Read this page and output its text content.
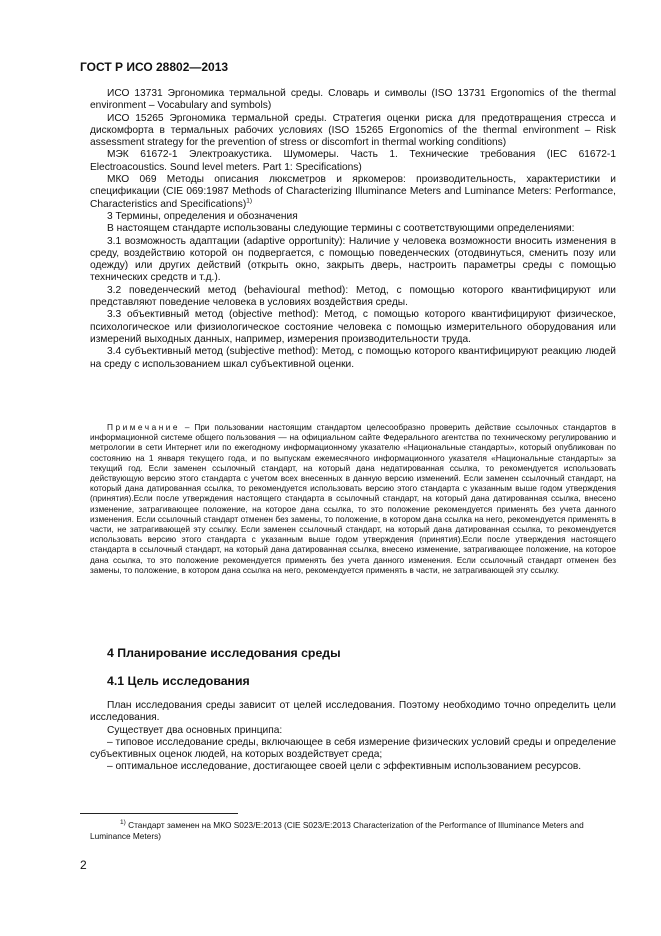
ГОСТ Р ИСО 28802—2013

ИСО 13731 Эргономика термальной среды. Словарь и символы (ISO 13731 Ergonomics of the thermal environment – Vocabulary and symbols)

ИСО 15265 Эргономика термальной среды. Стратегия оценки риска для предотвращения стресса и дискомфорта в термальных рабочих условиях (ISO 15265 Ergonomics of the thermal environment – Risk assessment strategy for the prevention of stress or discomfort in thermal working conditions)

МЭК 61672-1 Электроакустика. Шумомеры. Часть 1. Технические требования (IEC 61672-1 Electroacoustics. Sound level meters. Part 1: Specifications)

МКО 069 Методы описания люксметров и яркомеров: производительность, характеристики и спецификации (CIE 069:1987 Methods of Characterizing Illuminance Meters and Luminance Meters: Performance, Characteristics and Specifications)$^{1)}$

3 Термины, определения и обозначения

В настоящем стандарте использованы следующие термины с соответствующими определениями:

3.1 возможность адаптации (adaptive opportunity): Наличие у человека возможности вносить изменения в среду, воздействию которой он подвергается, с помощью поведенческих (отодвинуться, сменить позу или одежду) или других действий (открыть окно, закрыть дверь, настроить параметры среды с помощью технических средств и т.д.).

3.2 поведенческий метод (behavioural method): Метод, с помощью которого квантифицируют или представляют поведение человека в условиях воздействия среды.

3.3 объективный метод (objective method): Метод, с помощью которого квантифицируют физическое, психологическое или физиологическое состояние человека с помощью измерительного оборудования или измерений выходных данных, например, измерения производительности труда.

3.4 субъективный метод (subjective method): Метод, с помощью которого квантифицируют реакцию людей на среду с использованием шкал субъективной оценки.

Примечание – При пользовании настоящим стандартом целесообразно проверить действие ссылочных стандартов в информационной системе общего пользования — на официальном сайте Федерального агентства по техническому регулированию и метрологии в сети Интернет или по ежегодному информационному указателю «Национальные стандарты», который опубликован по состоянию на 1 января текущего года, и по выпускам ежемесячного информационного указателя «Национальные стандарты» за текущий год. Если заменен ссылочный стандарт, на который дана недатированная ссылка, то рекомендуется использовать действующую версию этого стандарта с учетом всех внесенных в данную версию изменений. Если заменен ссылочный стандарт, на который дана датированная ссылка, то рекомендуется использовать версию этого стандарта с указанным выше годом утверждения (принятия).Если после утверждения настоящего стандарта в ссылочный стандарт, на который дана датированная ссылка, внесено изменение, затрагивающее положение, на которое дана ссылка, то это положение рекомендуется применять без учета данного изменения. Если ссылочный стандарт отменен без замены, то положение, в котором дана ссылка на него, рекомендуется применять в части, не затрагивающей эту ссылку. Если заменен ссылочный стандарт, на который дана датированная ссылка, то рекомендуется использовать версию этого стандарта с указанным выше годом утверждения (принятия).Если после утверждения настоящего стандарта в ссылочный стандарт, на который дана датированная ссылка, внесено изменение, затрагивающее положение, на которое дана ссылка, то это положение рекомендуется применять без учета данного изменения. Если ссылочный стандарт отменен без замены, то положение, в котором дана ссылка на него, рекомендуется применять в части, не затрагивающей эту ссылку.

4 Планирование исследования среды
4.1 Цель исследования

План исследования среды зависит от целей исследования. Поэтому необходимо точно определить цели исследования.

Существует два основных принципа:

– типовое исследование среды, включающее в себя измерение физических условий среды и определение субъективных оценок людей, на которых воздействует среда;

– оптимальное исследование, достигающее своей цели с эффективным использованием ресурсов.

$^{1)}$ Стандарт заменен на МКО S023/E:2013 (CIE S023/E:2013 Characterization of the Performance of Illuminance Meters and Luminance Meters)

2
